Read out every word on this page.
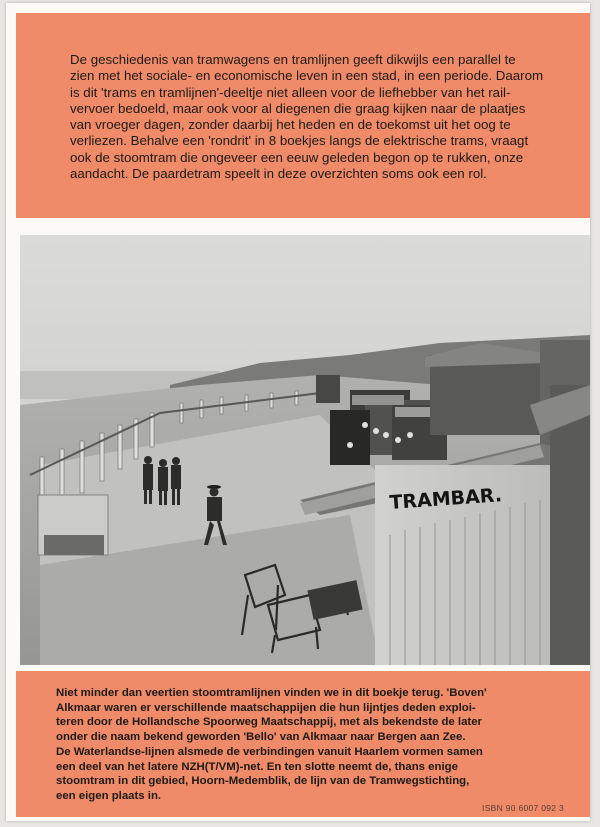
De geschiedenis van tramwagens en tramlijnen geeft dikwijls een parallel te
zien met het sociale- en economische leven in een stad, in een periode. Daarom
is dit 'trams en tramlijnen'-deeltje niet alleen voor de liefhebber van het rail-
vervoer bedoeld, maar ook voor al diegenen die graag kijken naar de plaatjes
van vroeger dagen, zonder daarbij het heden en de toekomst uit het oog te
verliezen. Behalve een 'rondrit' in 8 boekjes langs de elektrische trams, vraagt
ook de stoomtram die ongeveer een eeuw geleden begon op te rukken, onze
aandacht. De paardetram speelt in deze overzichten soms ook een rol.
TRAMBAR.
Niet minder dan veertien stoomtramlijnen vinden we in dit boekje terug. 'Boven'
Alkmaar waren er verschillende maatschappijen die hun lijntjes deden exploi-
teren door de Hollandsche Spoorweg Maatschappij, met als bekendste de later
onder die naam bekend geworden 'Bello' van Alkmaar naar Bergen aan Zee.
De Waterlandse-lijnen alsmede de verbindingen vanuit Haarlem vormen samen
een deel van het latere NZH(T/VM)-net. En ten slotte neemt de, thans enige
stoomtram in dit gebied, Hoorn-Medemblik, de lijn van de Tramwegstichting,
een eigen plaats in.
ISBN 90 6007 092 3
